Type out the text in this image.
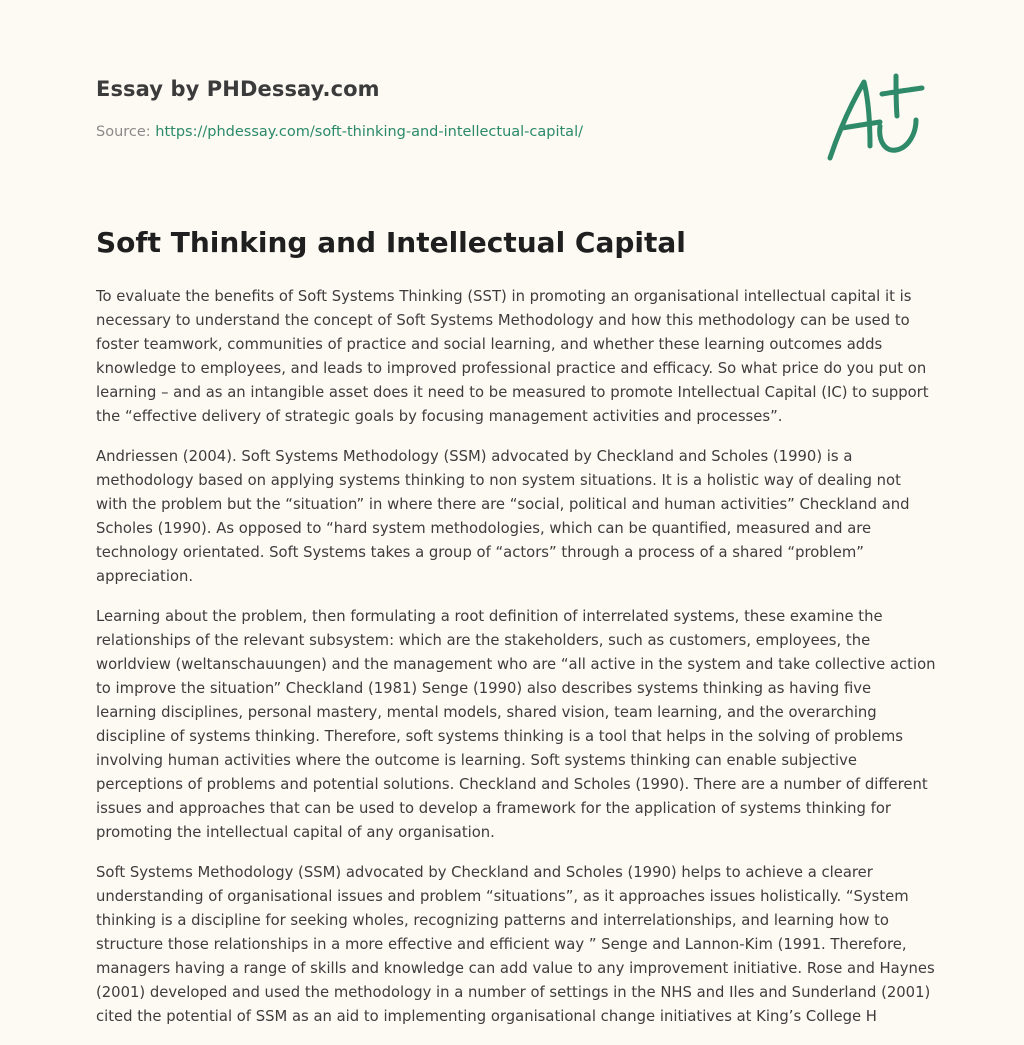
Essay by PHDessay.com
Source: https://phdessay.com/soft-thinking-and-intellectual-capital/
Soft Thinking and Intellectual Capital

To evaluate the benefits of Soft Systems Thinking (SST) in promoting an organisational intellectual capital it is necessary to understand the concept of Soft Systems Methodology and how this methodology can be used to foster teamwork, communities of practice and social learning, and whether these learning outcomes adds knowledge to employees, and leads to improved professional practice and efficacy. So what price do you put on learning – and as an intangible asset does it need to be measured to promote Intellectual Capital (IC) to support the “effective delivery of strategic goals by focusing management activities and processes”.

Andriessen (2004). Soft Systems Methodology (SSM) advocated by Checkland and Scholes (1990) is a methodology based on applying systems thinking to non system situations. It is a holistic way of dealing not with the problem but the “situation” in where there are “social, political and human activities” Checkland and Scholes (1990). As opposed to “hard system methodologies, which can be quantified, measured and are technology orientated. Soft Systems takes a group of “actors” through a process of a shared “problem” appreciation.

Learning about the problem, then formulating a root definition of interrelated systems, these examine the relationships of the relevant subsystem: which are the stakeholders, such as customers, employees, the worldview (weltanschauungen) and the management who are “all active in the system and take collective action to improve the situation” Checkland (1981) Senge (1990) also describes systems thinking as having five learning disciplines, personal mastery, mental models, shared vision, team learning, and the overarching discipline of systems thinking. Therefore, soft systems thinking is a tool that helps in the solving of problems involving human activities where the outcome is learning. Soft systems thinking can enable subjective perceptions of problems and potential solutions. Checkland and Scholes (1990). There are a number of different issues and approaches that can be used to develop a framework for the application of systems thinking for promoting the intellectual capital of any organisation.

Soft Systems Methodology (SSM) advocated by Checkland and Scholes (1990) helps to achieve a clearer understanding of organisational issues and problem “situations”, as it approaches issues holistically. “System thinking is a discipline for seeking wholes, recognizing patterns and interrelationships, and learning how to structure those relationships in a more effective and efficient way ” Senge and Lannon-Kim (1991. Therefore, managers having a range of skills and knowledge can add value to any improvement initiative. Rose and Haynes (2001) developed and used the methodology in a number of settings in the NHS and Iles and Sunderland (2001) cited the potential of SSM as an aid to implementing organisational change initiatives at King’s College H
